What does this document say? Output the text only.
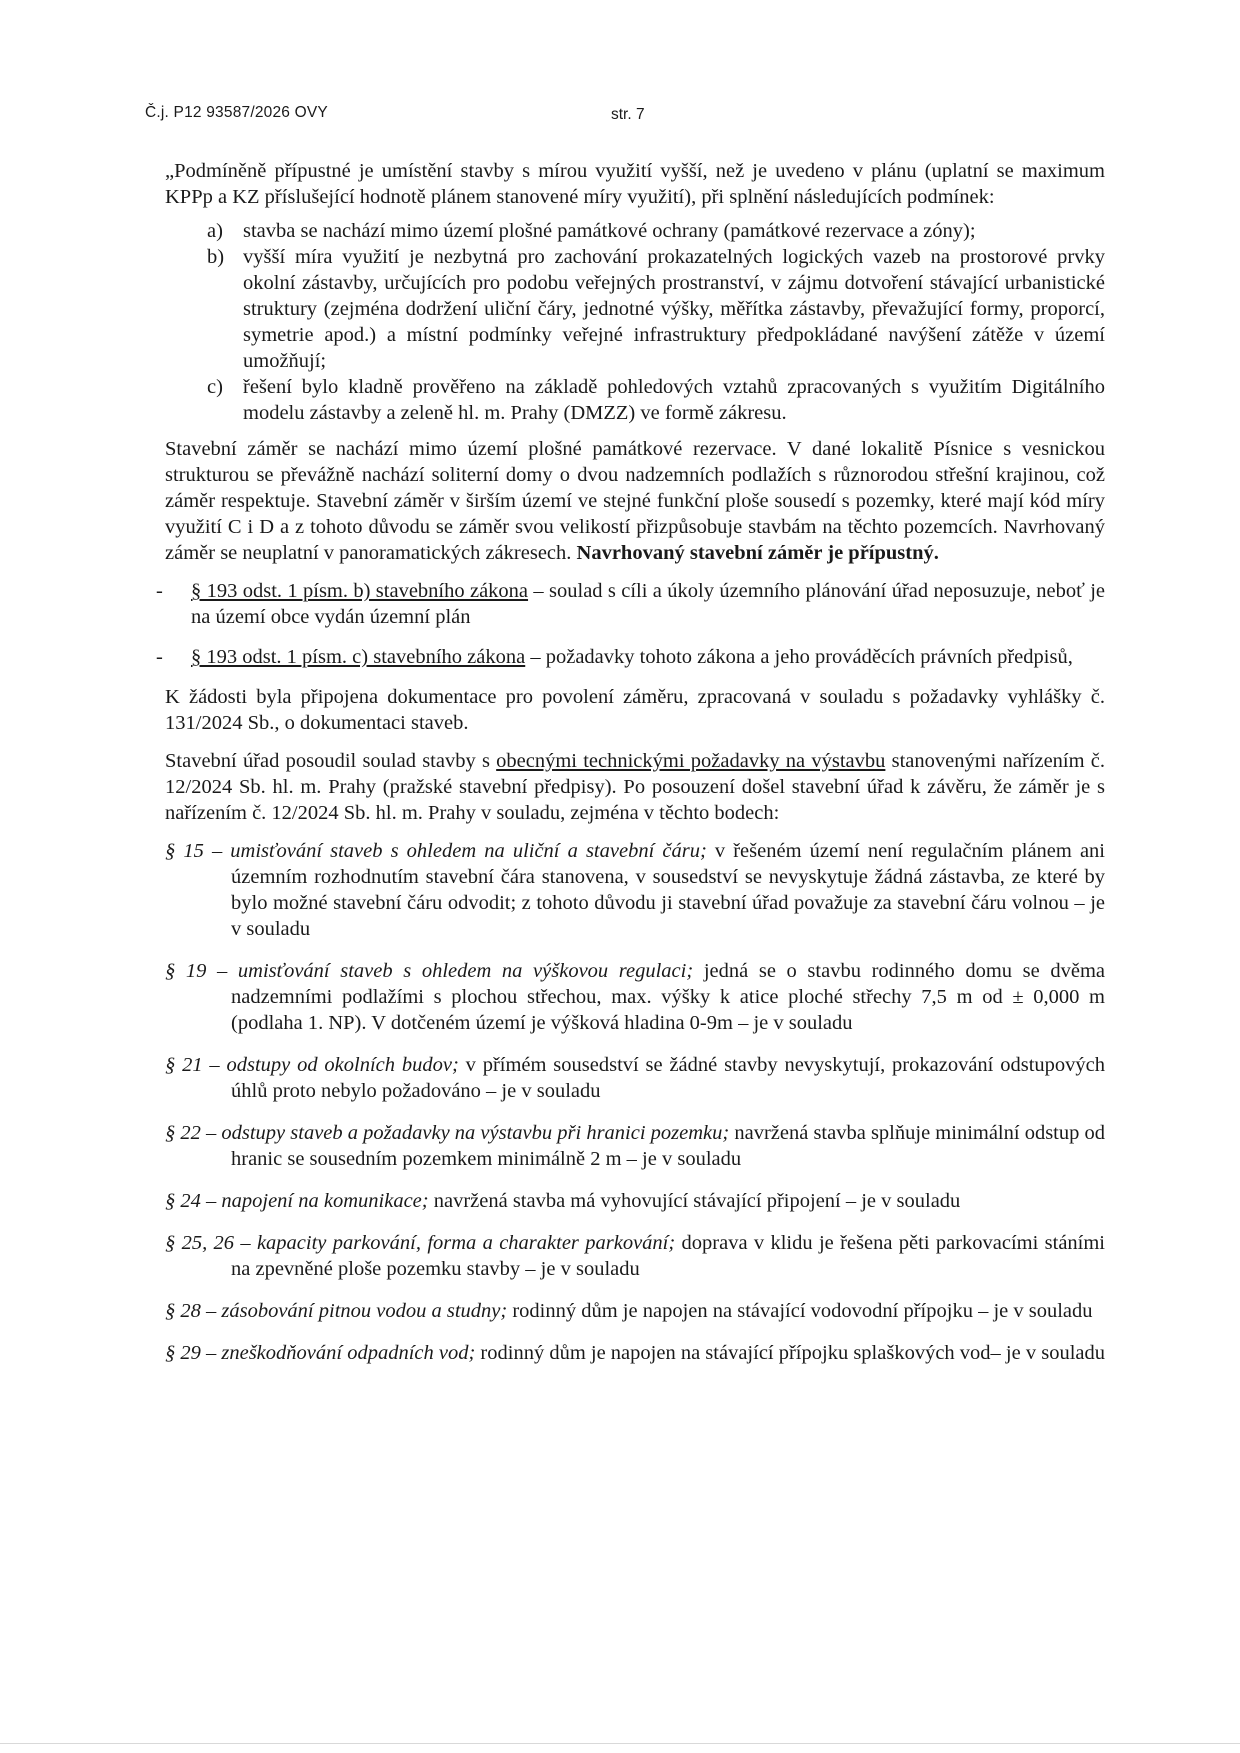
Č.j. P12 93587/2026 OVY	str. 7

„Podmíněně přípustné je umístění stavby s mírou využití vyšší, než je uvedeno v plánu (uplatní se maximum KPPp a KZ příslušející hodnotě plánem stanovené míry využití), při splnění následujících podmínek:

a) stavba se nachází mimo území plošné památkové ochrany (památkové rezervace a zóny);
b) vyšší míra využití je nezbytná pro zachování prokazatelných logických vazeb na prostorové prvky okolní zástavby, určujících pro podobu veřejných prostranství, v zájmu dotvoření stávající urbanistické struktury (zejména dodržení uliční čáry, jednotné výšky, měřítka zástavby, převažující formy, proporcí, symetrie apod.) a místní podmínky veřejné infrastruktury předpokládané navýšení zátěže v území umožňují;
c) řešení bylo kladně prověřeno na základě pohledových vztahů zpracovaných s využitím Digitálního modelu zástavby a zeleně hl. m. Prahy (DMZZ) ve formě zákresu.

Stavební záměr se nachází mimo území plošné památkové rezervace. V dané lokalitě Písnice s vesnickou strukturou se převážně nachází soliterní domy o dvou nadzemních podlažích s různorodou střešní krajinou, což záměr respektuje. Stavební záměr v širším území ve stejné funkční ploše sousedí s pozemky, které mají kód míry využití C i D a z tohoto důvodu se záměr svou velikostí přizpůsobuje stavbám na těchto pozemcích. Navrhovaný záměr se neuplatní v panoramatických zákresech. Navrhovaný stavební záměr je přípustný.

- § 193 odst. 1 písm. b) stavebního zákona – soulad s cíli a úkoly územního plánování úřad neposuzuje, neboť je na území obce vydán územní plán
- § 193 odst. 1 písm. c) stavebního zákona – požadavky tohoto zákona a jeho prováděcích právních předpisů,

K žádosti byla připojena dokumentace pro povolení záměru, zpracovaná v souladu s požadavky vyhlášky č. 131/2024 Sb., o dokumentaci staveb.

Stavební úřad posoudil soulad stavby s obecnými technickými požadavky na výstavbu stanovenými nařízením č. 12/2024 Sb. hl. m. Prahy (pražské stavební předpisy). Po posouzení došel stavební úřad k závěru, že záměr je s nařízením č. 12/2024 Sb. hl. m. Prahy v souladu, zejména v těchto bodech:

§ 15 – umisťování staveb s ohledem na uliční a stavební čáru; v řešeném území není regulačním plánem ani územním rozhodnutím stavební čára stanovena, v sousedství se nevyskytuje žádná zástavba, ze které by bylo možné stavební čáru odvodit; z tohoto důvodu ji stavební úřad považuje za stavební čáru volnou – je v souladu
§ 19 – umisťování staveb s ohledem na výškovou regulaci; jedná se o stavbu rodinného domu se dvěma nadzemními podlažími s plochou střechou, max. výšky k atice ploché střechy 7,5 m od ± 0,000 m (podlaha 1. NP). V dotčeném území je výšková hladina 0-9m – je v souladu
§ 21 – odstupy od okolních budov; v přímém sousedství se žádné stavby nevyskytují, prokazování odstupových úhlů proto nebylo požadováno – je v souladu
§ 22 – odstupy staveb a požadavky na výstavbu při hranici pozemku; navržená stavba splňuje minimální odstup od hranic se sousedním pozemkem minimálně 2 m – je v souladu
§ 24 – napojení na komunikace; navržená stavba má vyhovující stávající připojení – je v souladu
§ 25, 26 – kapacity parkování, forma a charakter parkování; doprava v klidu je řešena pěti parkovacími stáními na zpevněné ploše pozemku stavby – je v souladu
§ 28 – zásobování pitnou vodou a studny; rodinný dům je napojen na stávající vodovodní přípojku – je v souladu
§ 29 – zneškodňování odpadních vod; rodinný dům je napojen na stávající přípojku splaškových vod– je v souladu
